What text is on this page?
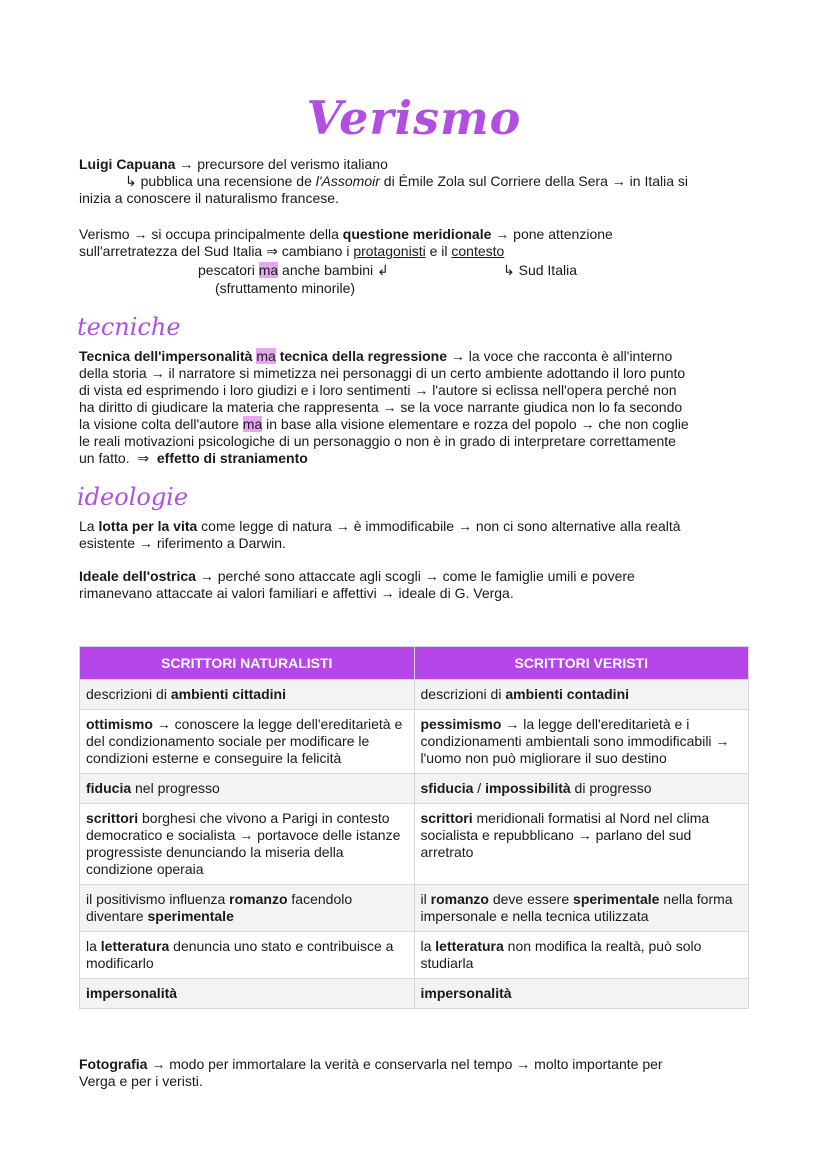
Verismo
Luigi Capuana → precursore del verismo italiano
↳ pubblica una recensione de l'Assomoir di Émile Zola sul Corriere della Sera → in Italia si
inizia a conoscere il naturalismo francese.
Verismo → si occupa principalmente della questione meridionale → pone attenzione
sull'arretratezza del Sud Italia ⇒ cambiano i protagonisti e il contesto
pescatori ma anche bambini ↲	↳ Sud Italia
(sfruttamento minorile)
tecniche
Tecnica dell'impersonalità ma tecnica della regressione → la voce che racconta è all'interno
della storia → il narratore si mimetizza nei personaggi di un certo ambiente adottando il loro punto
di vista ed esprimendo i loro giudizi e i loro sentimenti → l'autore si eclissa nell'opera perché non
ha diritto di giudicare la materia che rappresenta → se la voce narrante giudica non lo fa secondo
la visione colta dell'autore ma in base alla visione elementare e rozza del popolo → che non coglie
le reali motivazioni psicologiche di un personaggio o non è in grado di interpretare correttamente
un fatto.  ⇒  effetto di straniamento
ideologie
La lotta per la vita come legge di natura → è immodificabile → non ci sono alternative alla realtà
esistente → riferimento a Darwin.
Ideale dell'ostrica → perché sono attaccate agli scogli → come le famiglie umili e povere
rimanevano attaccate ai valori familiari e affettivi → ideale di G. Verga.
SCRITTORI NATURALISTI	SCRITTORI VERISTI
descrizioni di ambienti cittadini	descrizioni di ambienti contadini
ottimismo → conoscere la legge dell'ereditarietà e del condizionamento sociale per modificare le condizioni esterne e conseguire la felicità	pessimismo → la legge dell'ereditarietà e i condizionamenti ambientali sono immodificabili → l'uomo non può migliorare il suo destino
fiducia nel progresso	sfiducia / impossibilità di progresso
scrittori borghesi che vivono a Parigi in contesto democratico e socialista → portavoce delle istanze progressiste denunciando la miseria della condizione operaia	scrittori meridionali formatisi al Nord nel clima socialista e repubblicano → parlano del sud arretrato
il positivismo influenza romanzo facendolo diventare sperimentale	il romanzo deve essere sperimentale nella forma impersonale e nella tecnica utilizzata
la letteratura denuncia uno stato e contribuisce a modificarlo	la letteratura non modifica la realtà, può solo studiarla
impersonalità	impersonalità
Fotografia → modo per immortalare la verità e conservarla nel tempo → molto importante per
Verga e per i veristi.
